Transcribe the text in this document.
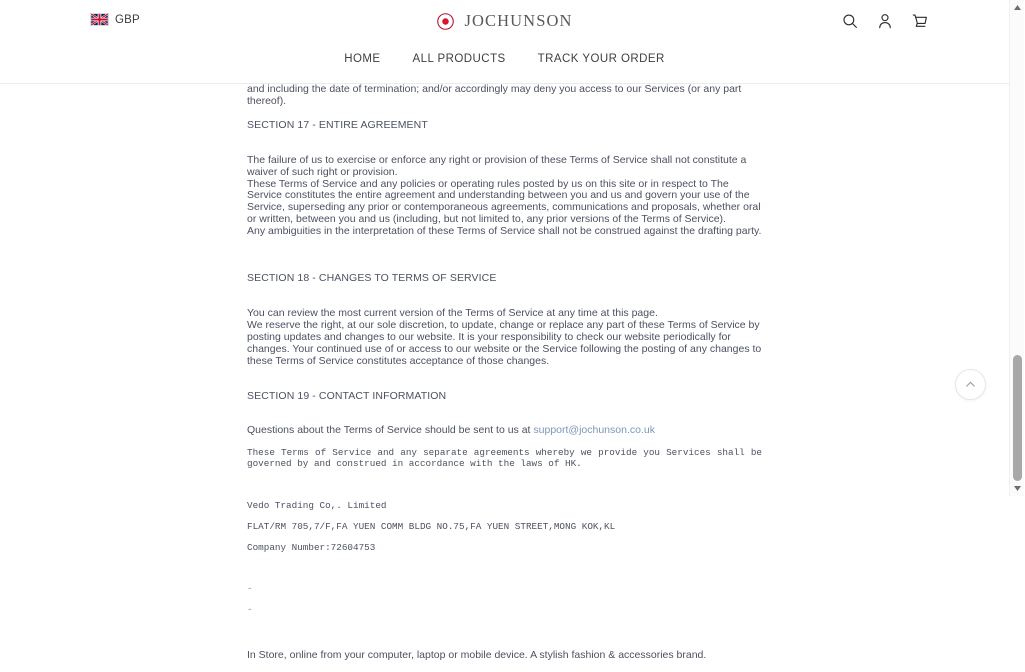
GBP	JOCHUNSON
HOME	ALL PRODUCTS	TRACK YOUR ORDER

and including the date of termination; and/or accordingly may deny you access to our Services (or any part thereof).

SECTION 17 - ENTIRE AGREEMENT

The failure of us to exercise or enforce any right or provision of these Terms of Service shall not constitute a waiver of such right or provision.

These Terms of Service and any policies or operating rules posted by us on this site or in respect to The Service constitutes the entire agreement and understanding between you and us and govern your use of the Service, superseding any prior or contemporaneous agreements, communications and proposals, whether oral or written, between you and us (including, but not limited to, any prior versions of the Terms of Service).

Any ambiguities in the interpretation of these Terms of Service shall not be construed against the drafting party.

SECTION 18 - CHANGES TO TERMS OF SERVICE

You can review the most current version of the Terms of Service at any time at this page.

We reserve the right, at our sole discretion, to update, change or replace any part of these Terms of Service by posting updates and changes to our website. It is your responsibility to check our website periodically for changes. Your continued use of or access to our website or the Service following the posting of any changes to these Terms of Service constitutes acceptance of those changes.

SECTION 19 - CONTACT INFORMATION

Questions about the Terms of Service should be sent to us at support@jochunson.co.uk

These Terms of Service and any separate agreements whereby we provide you Services shall be governed by and construed in accordance with the laws of HK.

Vedo Trading Co,. Limited

FLAT/RM 705,7/F,FA YUEN COMM BLDG NO.75,FA YUEN STREET,MONG KOK,KL

Company Number:72604753

-

-

In Store, online from your computer, laptop or mobile device. A stylish fashion & accessories brand.
